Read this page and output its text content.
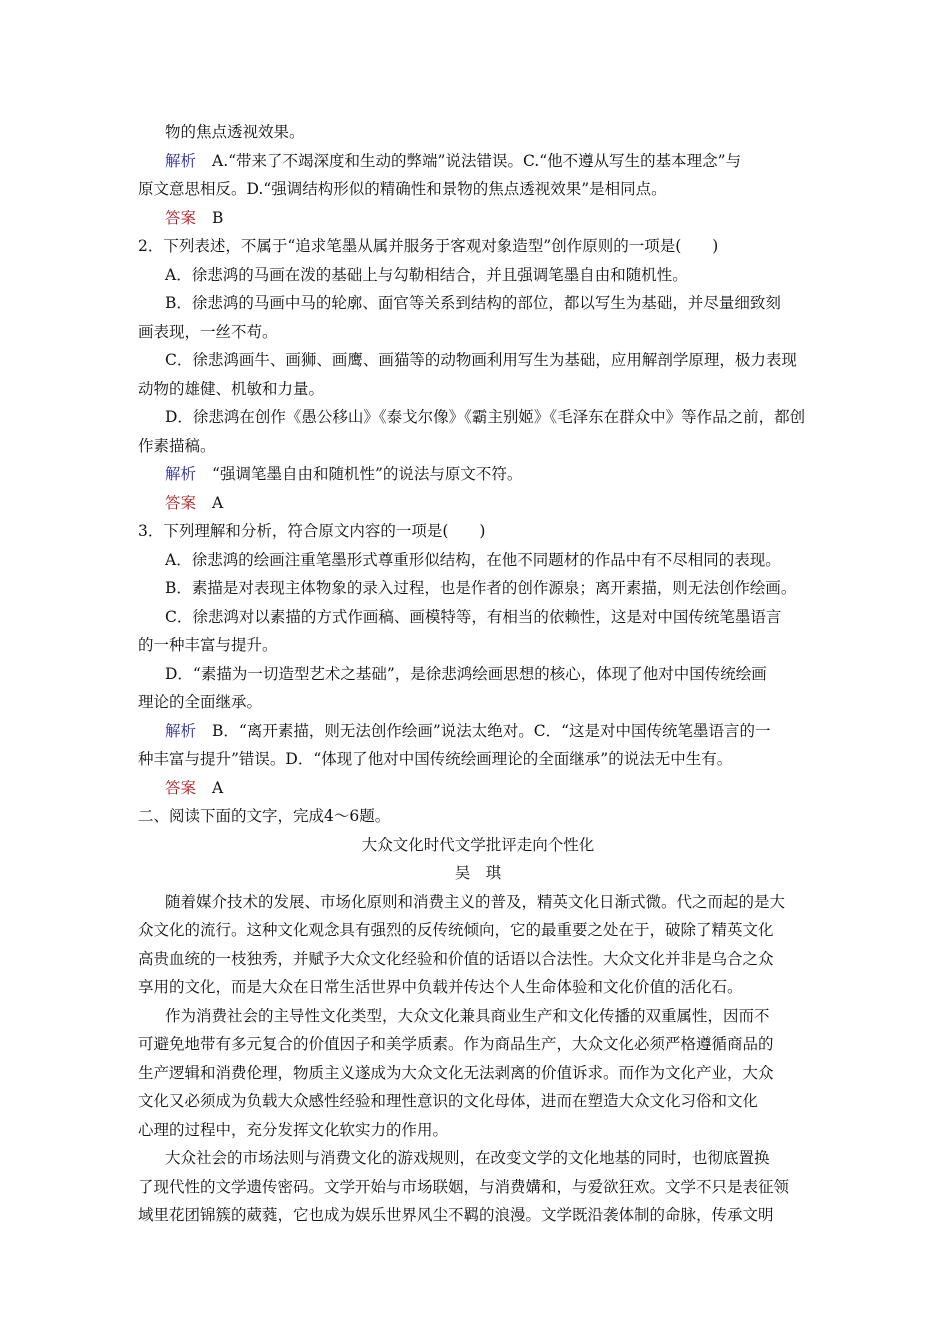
物的焦点透视效果。
解析 A.“带来了不竭深度和生动的弊端”说法错误。C.“他不遵从写生的基本理念”与
原文意思相反。D.“强调结构形似的精确性和景物的焦点透视效果”是相同点。
答案 B
2．下列表述，不属于“追求笔墨从属并服务于客观对象造型”创作原则的一项是(　　)
A．徐悲鸿的马画在泼的基础上与勾勒相结合，并且强调笔墨自由和随机性。
B．徐悲鸿的马画中马的轮廓、面官等关系到结构的部位，都以写生为基础，并尽量细致刻
画表现，一丝不苟。
C．徐悲鸿画牛、画狮、画鹰、画猫等的动物画利用写生为基础，应用解剖学原理，极力表现
动物的雄健、机敏和力量。
D．徐悲鸿在创作《愚公移山》《泰戈尔像》《霸主别姬》《毛泽东在群众中》等作品之前，都创
作素描稿。
解析 “强调笔墨自由和随机性”的说法与原文不符。
答案 A
3．下列理解和分析，符合原文内容的一项是(　　)
A．徐悲鸿的绘画注重笔墨形式尊重形似结构，在他不同题材的作品中有不尽相同的表现。
B．素描是对表现主体物象的录入过程，也是作者的创作源泉；离开素描，则无法创作绘画。
C．徐悲鸿对以素描的方式作画稿、画模特等，有相当的依赖性，这是对中国传统笔墨语言
的一种丰富与提升。
D．“素描为一切造型艺术之基础”，是徐悲鸿绘画思想的核心，体现了他对中国传统绘画
理论的全面继承。
解析 B．“离开素描，则无法创作绘画”说法太绝对。C．“这是对中国传统笔墨语言的一
种丰富与提升”错误。D．“体现了他对中国传统绘画理论的全面继承”的说法无中生有。
答案 A
二、阅读下面的文字，完成4～6题。
大众文化时代文学批评走向个性化
吴　琪
随着媒介技术的发展、市场化原则和消费主义的普及，精英文化日渐式微。代之而起的是大
众文化的流行。这种文化观念具有强烈的反传统倾向，它的最重要之处在于，破除了精英文化
高贵血统的一枝独秀，并赋予大众文化经验和价值的话语以合法性。大众文化并非是乌合之众
享用的文化，而是大众在日常生活世界中负载并传达个人生命体验和文化价值的活化石。
作为消费社会的主导性文化类型，大众文化兼具商业生产和文化传播的双重属性，因而不
可避免地带有多元复合的价值因子和美学质素。作为商品生产，大众文化必须严格遵循商品的
生产逻辑和消费伦理，物质主义遂成为大众文化无法剥离的价值诉求。而作为文化产业，大众
文化又必须成为负载大众感性经验和理性意识的文化母体，进而在塑造大众文化习俗和文化
心理的过程中，充分发挥文化软实力的作用。
大众社会的市场法则与消费文化的游戏规则，在改变文学的文化地基的同时，也彻底置换
了现代性的文学遗传密码。文学开始与市场联姻，与消费媾和，与爱欲狂欢。文学不只是表征领
域里花团锦簇的葳蕤，它也成为娱乐世界风尘不羁的浪漫。文学既沿袭体制的命脉，传承文明
